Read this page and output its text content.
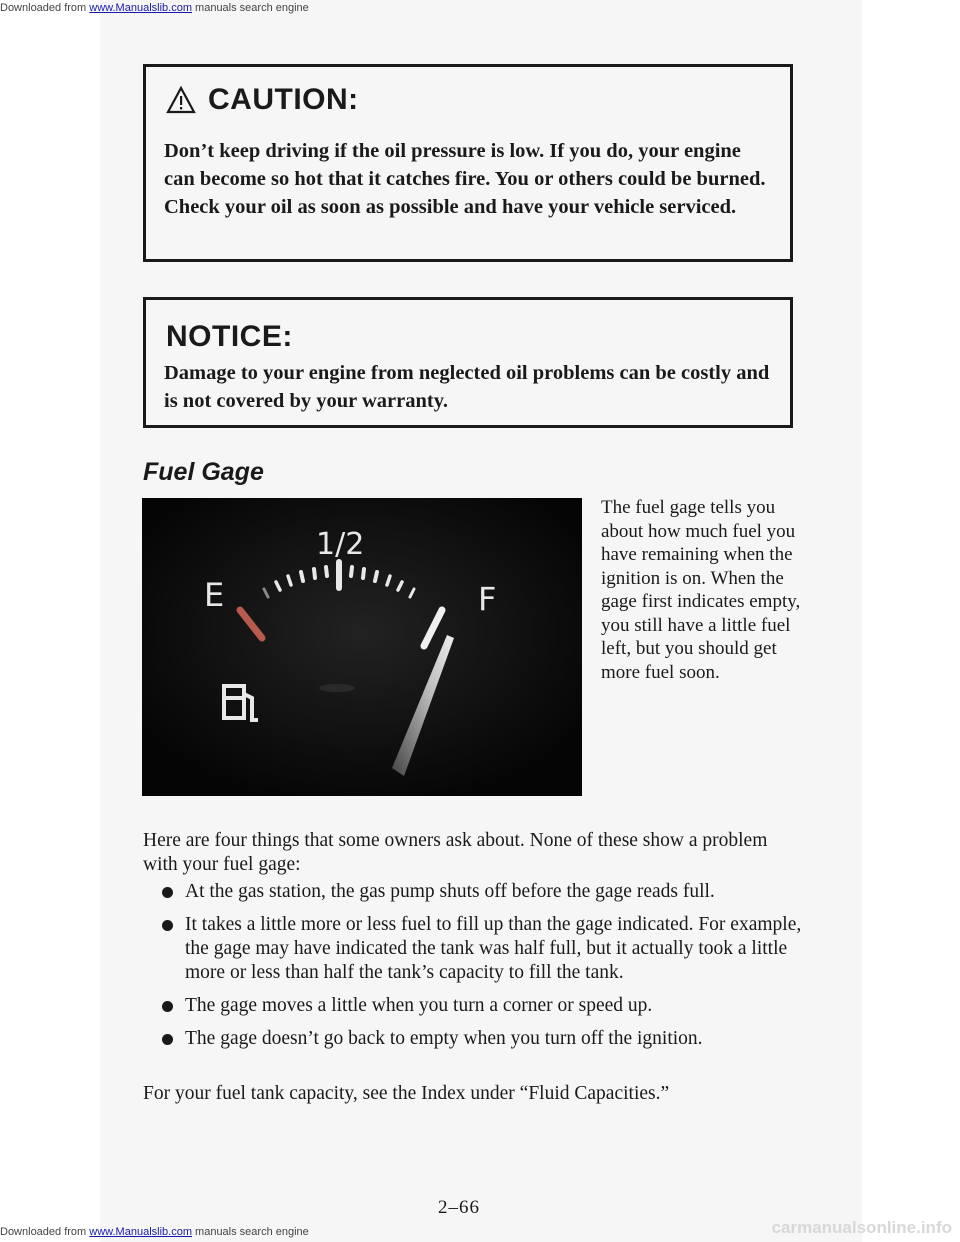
Downloaded from www.Manualslib.com manuals search engine
CAUTION:
Don’t keep driving if the oil pressure is low. If you do, your engine can become so hot that it catches fire. You or others could be burned. Check your oil as soon as possible and have your vehicle serviced.
NOTICE:
Damage to your engine from neglected oil problems can be costly and is not covered by your warranty.
Fuel Gage
E
1/2
F
The fuel gage tells you about how much fuel you have remaining when the ignition is on. When the gage first indicates empty, you still have a little fuel left, but you should get more fuel soon.
Here are four things that some owners ask about. None of these show a problem with your fuel gage:
At the gas station, the gas pump shuts off before the gage reads full.
It takes a little more or less fuel to fill up than the gage indicated. For example, the gage may have indicated the tank was half full, but it actually took a little more or less than half the tank’s capacity to fill the tank.
The gage moves a little when you turn a corner or speed up.
The gage doesn’t go back to empty when you turn off the ignition.
For your fuel tank capacity, see the Index under “Fluid Capacities.”
2–66
Downloaded from www.Manualslib.com manuals search engine	carmanualsonline.info
